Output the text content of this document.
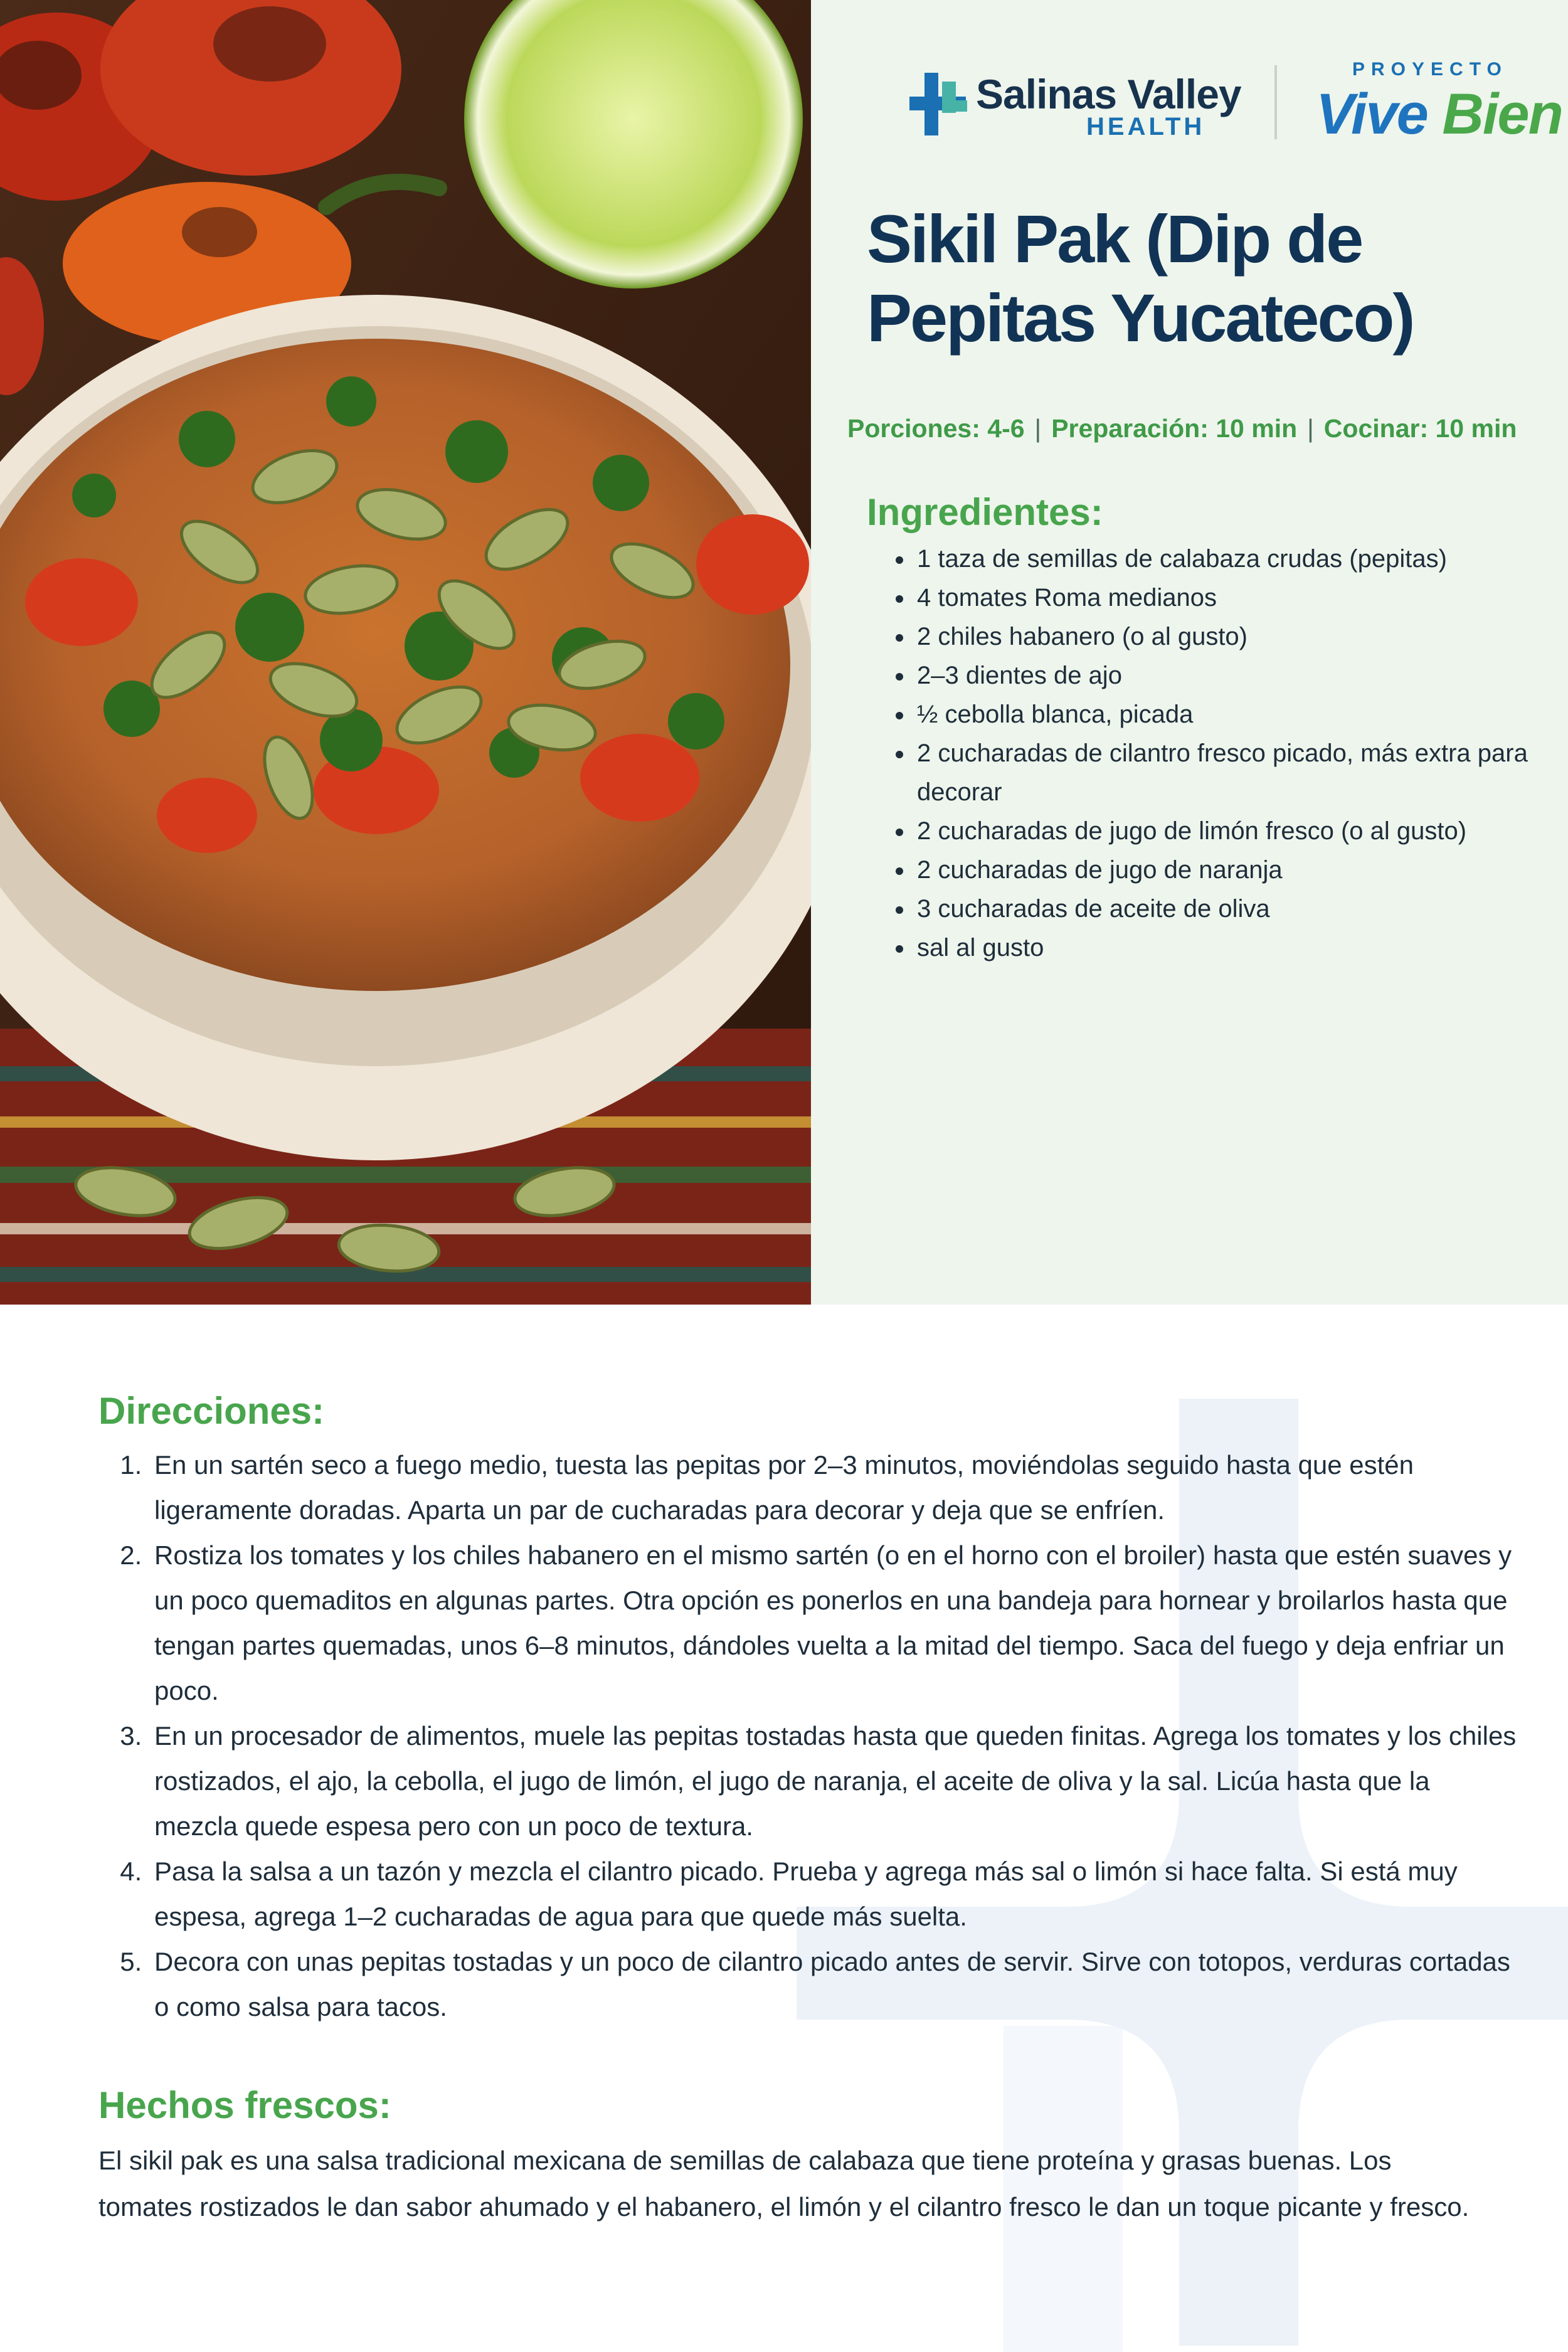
Salinas Valley
HEALTH
PROYECTO
Vive Bien
Sikil Pak (Dip de Pepitas Yucateco)
Porciones: 4-6 | Preparación: 10 min | Cocinar: 10 min
Ingredientes:
• 1 taza de semillas de calabaza crudas (pepitas)
• 4 tomates Roma medianos
• 2 chiles habanero (o al gusto)
• 2–3 dientes de ajo
• ½ cebolla blanca, picada
• 2 cucharadas de cilantro fresco picado, más extra para decorar
• 2 cucharadas de jugo de limón fresco (o al gusto)
• 2 cucharadas de jugo de naranja
• 3 cucharadas de aceite de oliva
• sal al gusto
Direcciones:
1. En un sartén seco a fuego medio, tuesta las pepitas por 2–3 minutos, moviéndolas seguido hasta que estén ligeramente doradas. Aparta un par de cucharadas para decorar y deja que se enfríen.
2. Rostiza los tomates y los chiles habanero en el mismo sartén (o en el horno con el broiler) hasta que estén suaves y un poco quemaditos en algunas partes. Otra opción es ponerlos en una bandeja para hornear y broilarlos hasta que tengan partes quemadas, unos 6–8 minutos, dándoles vuelta a la mitad del tiempo. Saca del fuego y deja enfriar un poco.
3. En un procesador de alimentos, muele las pepitas tostadas hasta que queden finitas. Agrega los tomates y los chiles rostizados, el ajo, la cebolla, el jugo de limón, el jugo de naranja, el aceite de oliva y la sal. Licúa hasta que la mezcla quede espesa pero con un poco de textura.
4. Pasa la salsa a un tazón y mezcla el cilantro picado. Prueba y agrega más sal o limón si hace falta. Si está muy espesa, agrega 1–2 cucharadas de agua para que quede más suelta.
5. Decora con unas pepitas tostadas y un poco de cilantro picado antes de servir. Sirve con totopos, verduras cortadas o como salsa para tacos.
Hechos frescos:

El sikil pak es una salsa tradicional mexicana de semillas de calabaza que tiene proteína y grasas buenas. Los tomates rostizados le dan sabor ahumado y el habanero, el limón y el cilantro fresco le dan un toque picante y fresco.
